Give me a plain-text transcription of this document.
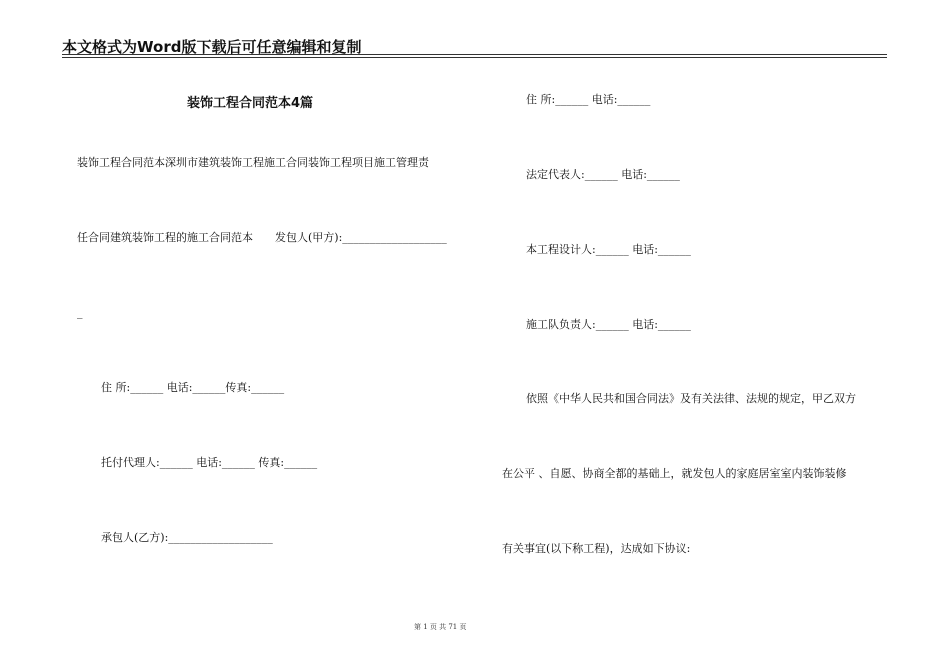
本文格式为Word版下载后可任意编辑和复制
装饰工程合同范本4篇
装饰工程合同范本深圳市建筑装饰工程施工合同装饰工程项目施工管理责
任合同建筑装饰工程的施工合同范本　　发包人(甲方):___________________
_
住 所:______ 电话:______传真:______
托付代理人:______ 电话:______ 传真:______
承包人(乙方):___________________
住 所:______ 电话:______
法定代表人:______ 电话:______
本工程设计人:______ 电话:______
施工队负责人:______ 电话:______
依照《中华人民共和国合同法》及有关法律、法规的规定，甲乙双方
在公平 、自愿、协商全都的基础上，就发包人的家庭居室室内装饰装修
有关事宜(以下称工程)，达成如下协议:
第 1 页 共 71 页
